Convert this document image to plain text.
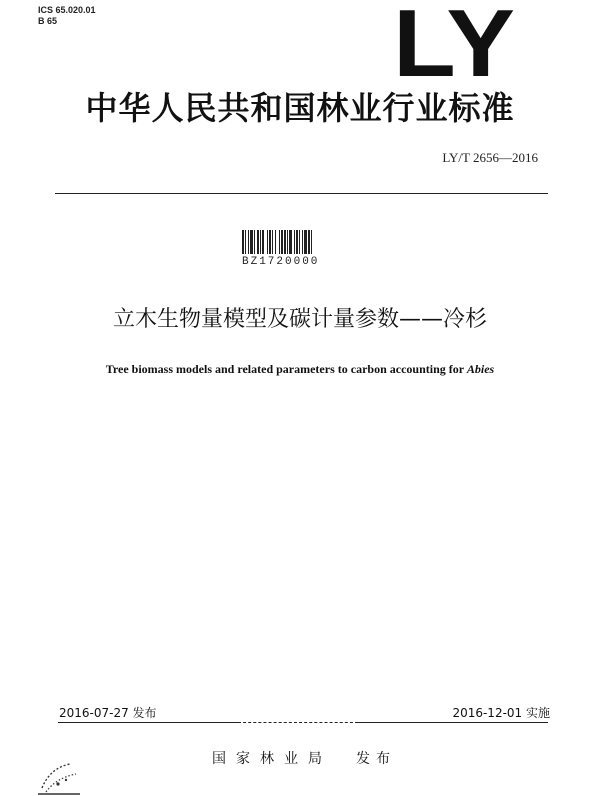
ICS 65.020.01
B 65	LY
中华人民共和国林业行业标准
LY/T 2656—2016
BZ1720000
立木生物量模型及碳计量参数——冷杉
Tree biomass models and related parameters to carbon accounting for Abies
2016-07-27 发布	2016-12-01 实施
国家林业局 发布
